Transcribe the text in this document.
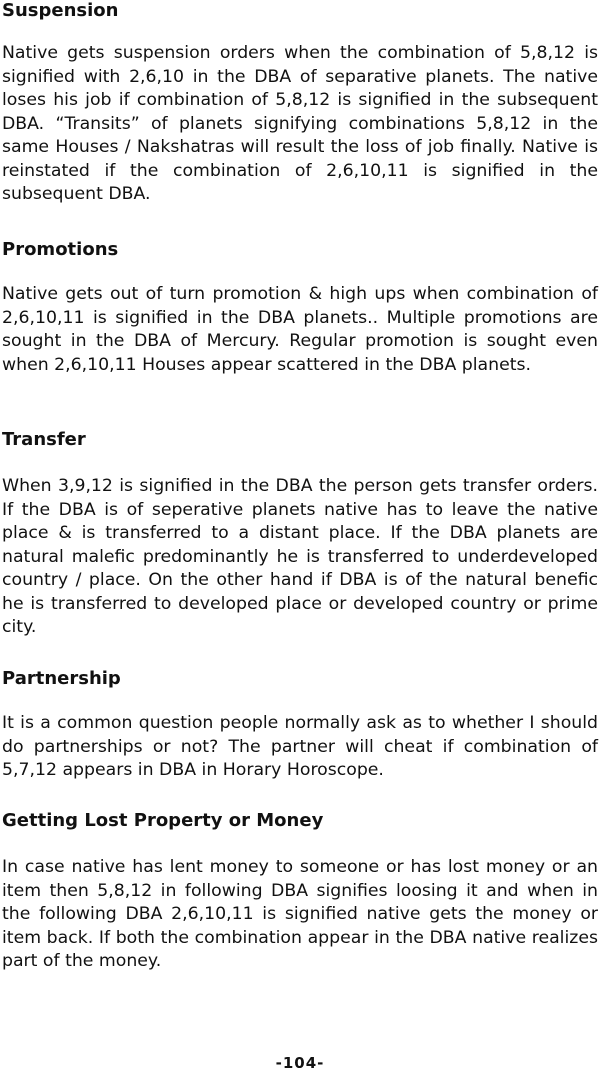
Suspension

Native gets suspension orders when the combination of 5,8,12 is signified with 2,6,10 in the DBA of separative planets. The native loses his job if combination of 5,8,12 is signified in the subsequent DBA. “Transits” of planets signifying combinations 5,8,12 in the same Houses / Nakshatras will result the loss of job finally. Native is reinstated if the combination of 2,6,10,11 is signified in the subsequent DBA.

Promotions

Native gets out of turn promotion & high ups when combination of 2,6,10,11 is signified in the DBA planets.. Multiple promotions are sought in the DBA of Mercury. Regular promotion is sought even when 2,6,10,11 Houses appear scattered in the DBA planets.

Transfer

When 3,9,12 is signified in the DBA the person gets transfer orders. If the DBA is of seperative planets native has to leave the native place & is transferred to a distant place. If the DBA planets are natural malefic predominantly he is transferred to underdeveloped country / place. On the other hand if DBA is of the natural benefic he is transferred to developed place or developed country or prime city.

Partnership

It is a common question people normally ask as to whether I should do partnerships or not? The partner will cheat if combination of 5,7,12 appears in DBA in Horary Horoscope.

Getting Lost Property or Money

In case native has lent money to someone or has lost money or an item then 5,8,12 in following DBA signifies loosing it and when in the following DBA 2,6,10,11 is signified native gets the money or item back. If both the combination appear in the DBA native realizes part of the money.

-104-
